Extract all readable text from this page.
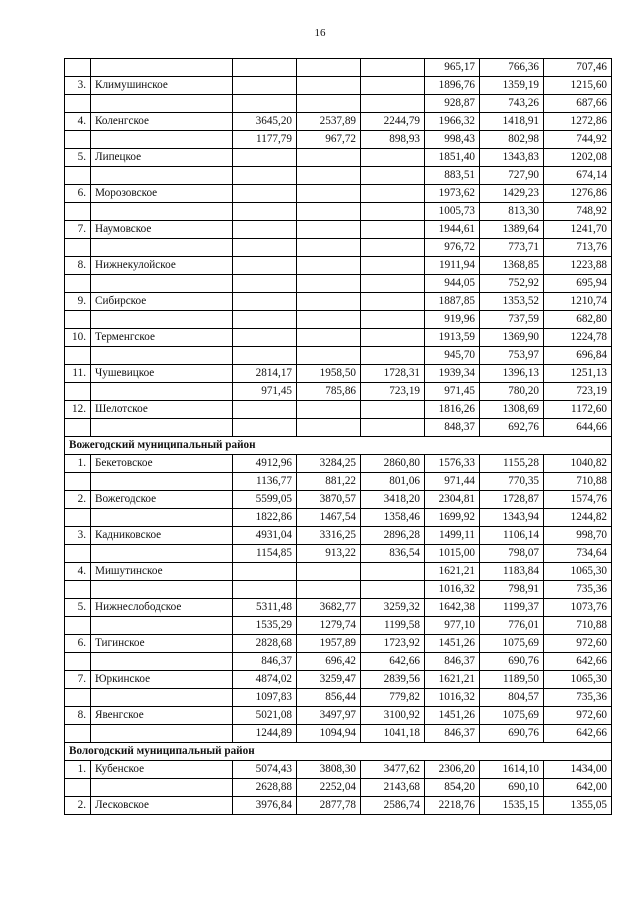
16
					965,17	766,36	707,46
3.	Климушинское				1896,76	1359,19	1215,60
					928,87	743,26	687,66
4.	Коленгское	3645,20	2537,89	2244,79	1966,32	1418,91	1272,86
		1177,79	967,72	898,93	998,43	802,98	744,92
5.	Липецкое				1851,40	1343,83	1202,08
					883,51	727,90	674,14
6.	Морозовское				1973,62	1429,23	1276,86
					1005,73	813,30	748,92
7.	Наумовское				1944,61	1389,64	1241,70
					976,72	773,71	713,76
8.	Нижнекулойское				1911,94	1368,85	1223,88
					944,05	752,92	695,94
9.	Сибирское				1887,85	1353,52	1210,74
					919,96	737,59	682,80
10.	Терменгское				1913,59	1369,90	1224,78
					945,70	753,97	696,84
11.	Чушевицкое	2814,17	1958,50	1728,31	1939,34	1396,13	1251,13
		971,45	785,86	723,19	971,45	780,20	723,19
12.	Шелотское				1816,26	1308,69	1172,60
					848,37	692,76	644,66
Вожегодский муниципальный район							
1.	Бекетовское	4912,96	3284,25	2860,80	1576,33	1155,28	1040,82
		1136,77	881,22	801,06	971,44	770,35	710,88
2.	Вожегодское	5599,05	3870,57	3418,20	2304,81	1728,87	1574,76
		1822,86	1467,54	1358,46	1699,92	1343,94	1244,82
3.	Кадниковское	4931,04	3316,25	2896,28	1499,11	1106,14	998,70
		1154,85	913,22	836,54	1015,00	798,07	734,64
4.	Мишутинское				1621,21	1183,84	1065,30
					1016,32	798,91	735,36
5.	Нижнеслободское	5311,48	3682,77	3259,32	1642,38	1199,37	1073,76
		1535,29	1279,74	1199,58	977,10	776,01	710,88
6.	Тигинское	2828,68	1957,89	1723,92	1451,26	1075,69	972,60
		846,37	696,42	642,66	846,37	690,76	642,66
7.	Юркинское	4874,02	3259,47	2839,56	1621,21	1189,50	1065,30
		1097,83	856,44	779,82	1016,32	804,57	735,36
8.	Явенгское	5021,08	3497,97	3100,92	1451,26	1075,69	972,60
		1244,89	1094,94	1041,18	846,37	690,76	642,66
Вологодский муниципальный район							
1.	Кубенское	5074,43	3808,30	3477,62	2306,20	1614,10	1434,00
		2628,88	2252,04	2143,68	854,20	690,10	642,00
2.	Лесковское	3976,84	2877,78	2586,74	2218,76	1535,15	1355,05
